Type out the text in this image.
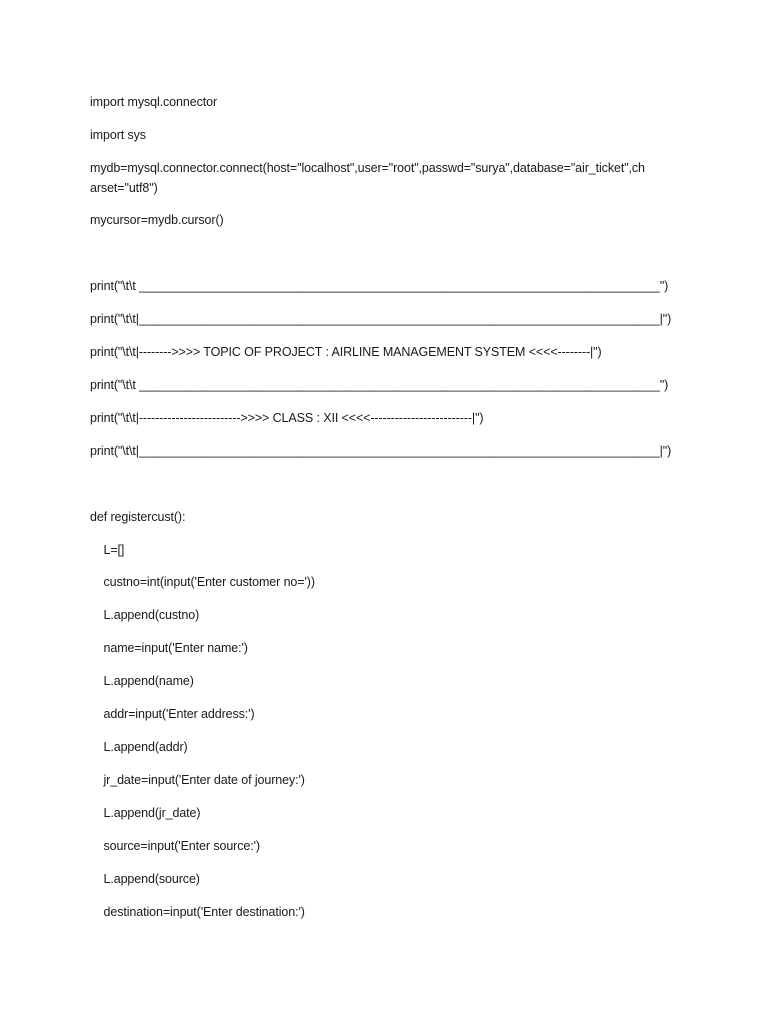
import mysql.connector
import sys
mydb=mysql.connector.connect(host="localhost",user="root",passwd="surya",database="air_ticket",ch
arset="utf8")
mycursor=mydb.cursor()
print("\t\t ____________________________________________________________________________")
print("\t\t|____________________________________________________________________________|")
print("\t\t|-------->>>> TOPIC OF PROJECT : AIRLINE MANAGEMENT SYSTEM <<<<--------|")
print("\t\t ____________________________________________________________________________")
print("\t\t|------------------------->>>> CLASS : XII <<<<-------------------------|")
print("\t\t|____________________________________________________________________________|")
def registercust():
L=[]
custno=int(input('Enter customer no='))
L.append(custno)
name=input('Enter name:')
L.append(name)
addr=input('Enter address:')
L.append(addr)
jr_date=input('Enter date of journey:')
L.append(jr_date)
source=input('Enter source:')
L.append(source)
destination=input('Enter destination:')
